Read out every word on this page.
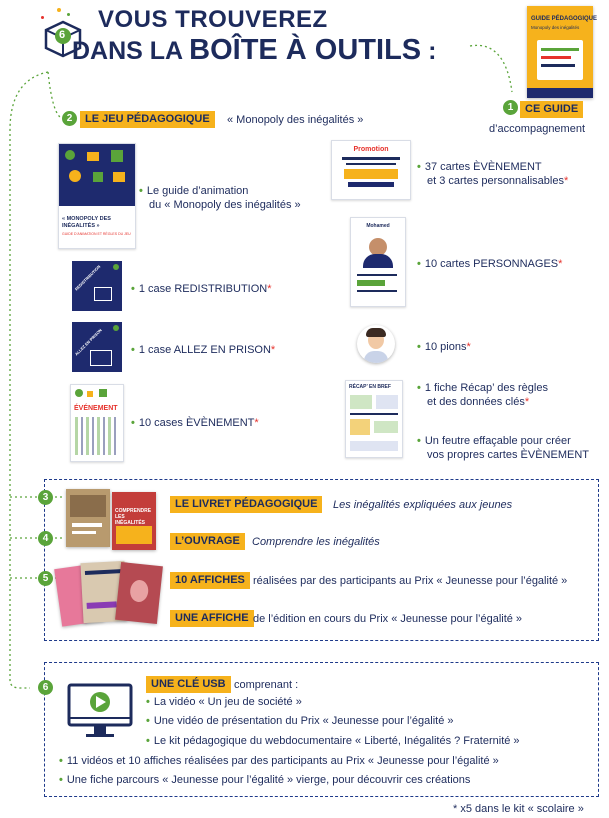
6
VOUS TROUVEREZ
DANS LA BOÎTE À OUTILS :
GUIDE PÉDAGOGIQUE
Monopoly des inégalités
1	CE GUIDE
d’accompagnement
2	LE JEU PÉDAGOGIQUE	« Monopoly des inégalités »
« MONOPOLY DES INÉGALITÉS »
GUIDE D’ANIMATION ET RÈGLES DU JEU
• Le guide d’animation
du « Monopoly des inégalités »
REDISTRIBUTION	• 1 case REDISTRIBUTION*
ALLEZ EN PRISON	• 1 case ALLEZ EN PRISON*
ÉVÉNEMENT
• 10 cases ÈVÈNEMENT*
Promotion
• 37 cartes ÈVÈNEMENT
et 3 cartes personnalisables*
Mohamed
• 10 cartes PERSONNAGES*
• 10 pions*
RÉCAP’ EN BREF • 1 fiche Récap’ des règles
et des données clés*
• Un feutre effaçable pour créer
vos propres cartes ÈVÈNEMENT
3
COMPRENDRE LES INÉGALITÉS
LE LIVRET PÉDAGOGIQUE	Les inégalités expliquées aux jeunes
4	L’OUVRAGE	Comprendre les inégalités
5	10 AFFICHES réalisées par des participants au Prix « Jeunesse pour l’égalité »
UNE AFFICHE de l’édition en cours du Prix « Jeunesse pour l’égalité »
6	UNE CLÉ USB comprenant :
• La vidéo « Un jeu de société »
• Une vidéo de présentation du Prix « Jeunesse pour l’égalité »
• Le kit pédagogique du webdocumentaire « Liberté, Inégalités ? Fraternité »
• 11 vidéos et 10 affiches réalisées par des participants au Prix « Jeunesse pour l’égalité »
• Une fiche parcours « Jeunesse pour l’égalité » vierge, pour découvrir ces créations
* x5 dans le kit « scolaire »
